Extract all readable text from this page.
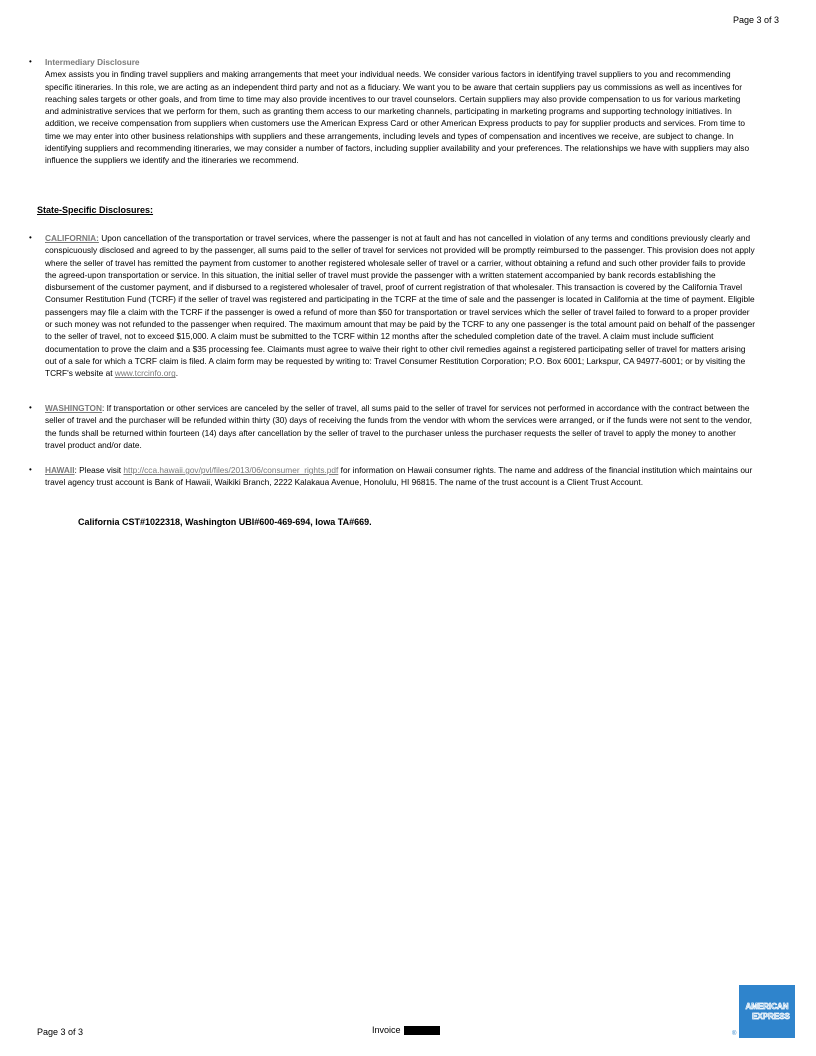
Page 3 of 3
•	Intermediary Disclosure
Amex assists you in finding travel suppliers and making arrangements that meet your individual needs. We consider various factors in identifying travel suppliers to you and recommending specific itineraries. In this role, we are acting as an independent third party and not as a fiduciary. We want you to be aware that certain suppliers pay us commissions as well as incentives for reaching sales targets or other goals, and from time to time may also provide incentives to our travel counselors. Certain suppliers may also provide compensation to us for various marketing and administrative services that we perform for them, such as granting them access to our marketing channels, participating in marketing programs and supporting technology initiatives. In addition, we receive compensation from suppliers when customers use the American Express Card or other American Express products to pay for supplier products and services. From time to time we may enter into other business relationships with suppliers and these arrangements, including levels and types of compensation and incentives we receive, are subject to change. In identifying suppliers and recommending itineraries, we may consider a number of factors, including supplier availability and your preferences. The relationships we have with suppliers may also influence the suppliers we identify and the itineraries we recommend.
State-Specific Disclosures:
•	CALIFORNIA: Upon cancellation of the transportation or travel services, where the passenger is not at fault and has not cancelled in violation of any terms and conditions previously clearly and conspicuously disclosed and agreed to by the passenger, all sums paid to the seller of travel for services not provided will be promptly reimbursed to the passenger. This provision does not apply where the seller of travel has remitted the payment from customer to another registered wholesale seller of travel or a carrier, without obtaining a refund and such other provider fails to provide the agreed-upon transportation or service. In this situation, the initial seller of travel must provide the passenger with a written statement accompanied by bank records establishing the disbursement of the customer payment, and if disbursed to a registered wholesaler of travel, proof of current registration of that wholesaler. This transaction is covered by the California Travel Consumer Restitution Fund (TCRF) if the seller of travel was registered and participating in the TCRF at the time of sale and the passenger is located in California at the time of payment. Eligible passengers may file a claim with the TCRF if the passenger is owed a refund of more than $50 for transportation or travel services which the seller of travel failed to forward to a proper provider or such money was not refunded to the passenger when required. The maximum amount that may be paid by the TCRF to any one passenger is the total amount paid on behalf of the passenger to the seller of travel, not to exceed $15,000. A claim must be submitted to the TCRF within 12 months after the scheduled completion date of the travel. A claim must include sufficient documentation to prove the claim and a $35 processing fee. Claimants must agree to waive their right to other civil remedies against a registered participating seller of travel for matters arising out of a sale for which a TCRF claim is filed. A claim form may be requested by writing to: Travel Consumer Restitution Corporation; P.O. Box 6001; Larkspur, CA 94977-6001; or by visiting the TCRF's website at www.tcrcinfo.org.
•	WASHINGTON: If transportation or other services are canceled by the seller of travel, all sums paid to the seller of travel for services not performed in accordance with the contract between the seller of travel and the purchaser will be refunded within thirty (30) days of receiving the funds from the vendor with whom the services were arranged, or if the funds were not sent to the vendor, the funds shall be returned within fourteen (14) days after cancellation by the seller of travel to the purchaser unless the purchaser requests the seller of travel to apply the money to another travel product and/or date.
•	HAWAII: Please visit http://cca.hawaii.gov/pvl/files/2013/06/consumer_rights.pdf for information on Hawaii consumer rights. The name and address of the financial institution which maintains our travel agency trust account is Bank of Hawaii, Waikiki Branch, 2222 Kalakaua Avenue, Honolulu, HI 96815. The name of the trust account is a Client Trust Account.
California CST#1022318, Washington UBI#600-469-694, Iowa TA#669.
Page 3 of 3	Invoice
AMERICAN
EXPRESS
®
